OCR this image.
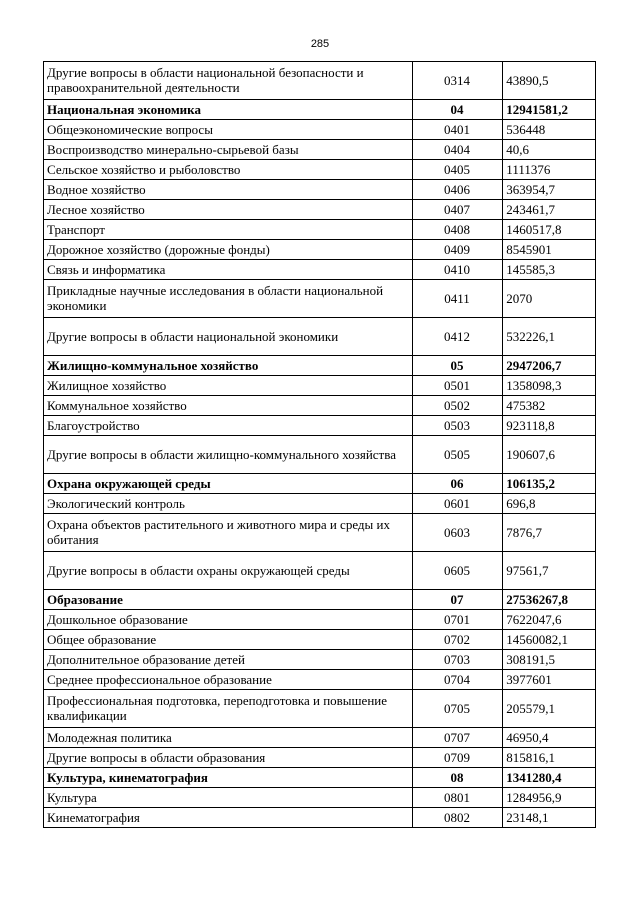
285
Другие вопросы в области национальной безопасности и правоохранительной деятельности	0314	43890,5
Национальная экономика	04	12941581,2
Общеэкономические вопросы	0401	536448
Воспроизводство минерально-сырьевой базы	0404	40,6
Сельское хозяйство и рыболовство	0405	1111376
Водное хозяйство	0406	363954,7
Лесное хозяйство	0407	243461,7
Транспорт	0408	1460517,8
Дорожное хозяйство (дорожные фонды)	0409	8545901
Связь и информатика	0410	145585,3
Прикладные научные исследования в области национальной экономики	0411	2070
Другие вопросы в области национальной экономики	0412	532226,1
Жилищно-коммунальное хозяйство	05	2947206,7
Жилищное хозяйство	0501	1358098,3
Коммунальное хозяйство	0502	475382
Благоустройство	0503	923118,8
Другие вопросы в области жилищно-коммунального хозяйства	0505	190607,6
Охрана окружающей среды	06	106135,2
Экологический контроль	0601	696,8
Охрана объектов растительного и животного мира и среды их обитания	0603	7876,7
Другие вопросы в области охраны окружающей среды	0605	97561,7
Образование	07	27536267,8
Дошкольное образование	0701	7622047,6
Общее образование	0702	14560082,1
Дополнительное образование детей	0703	308191,5
Среднее профессиональное образование	0704	3977601
Профессиональная подготовка, переподготовка и повышение квалификации	0705	205579,1
Молодежная политика	0707	46950,4
Другие вопросы в области образования	0709	815816,1
Культура, кинематография	08	1341280,4
Культура	0801	1284956,9
Кинематография	0802	23148,1
